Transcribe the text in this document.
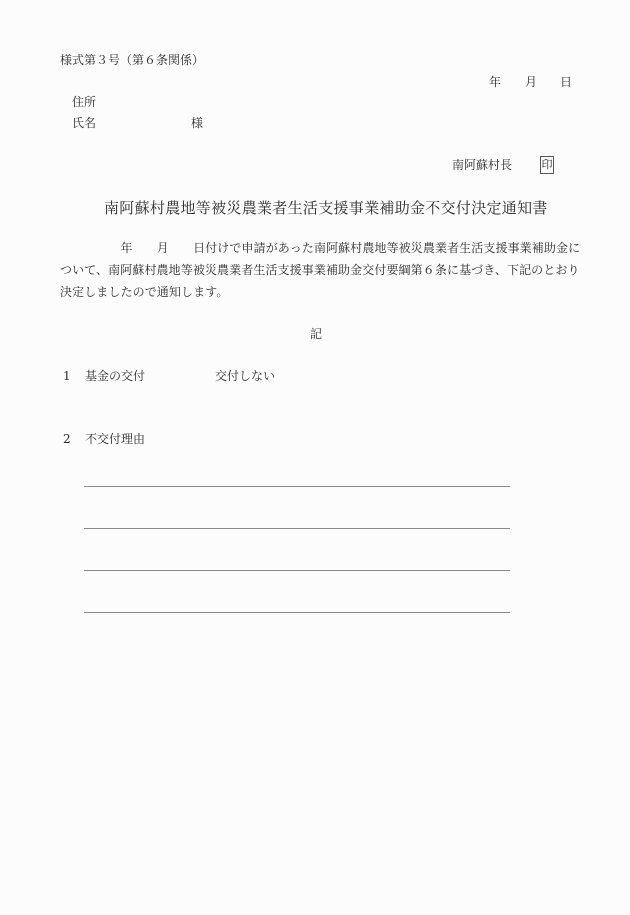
様式第３号（第６条関係）
年 月 日
住所
氏名	様
南阿蘇村長	印
南阿蘇村農地等被災農業者生活支援事業補助金不交付決定通知書
　　　　　年　　月　　日付けで申請があった南阿蘇村農地等被災農業者生活支援事業補助金に
ついて、南阿蘇村農地等被災農業者生活支援事業補助金交付要綱第６条に基づき、下記のとおり
決定しましたので通知します。
記
1 基金の交付	交付しない
2 不交付理由
